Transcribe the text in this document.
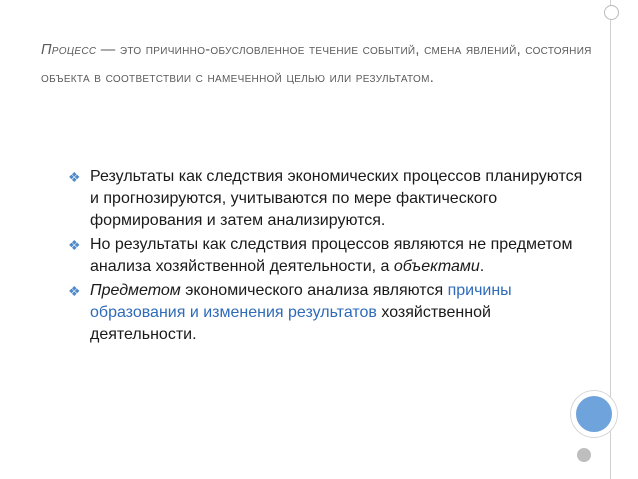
Процесс — это причинно-обусловленное течение событий, смена явлений, состояния объекта в соответствии с намеченной целью или результатом.
❖ Результаты как следствия экономических процессов планируются и прогнозируются, учитываются по мере фактического формирования и затем анализируются.
❖ Но результаты как следствия процессов являются не предметом анализа хозяйственной деятельности, а объектами.
❖ Предметом экономического анализа являются причины образования и изменения результатов хозяйственной деятельности.
